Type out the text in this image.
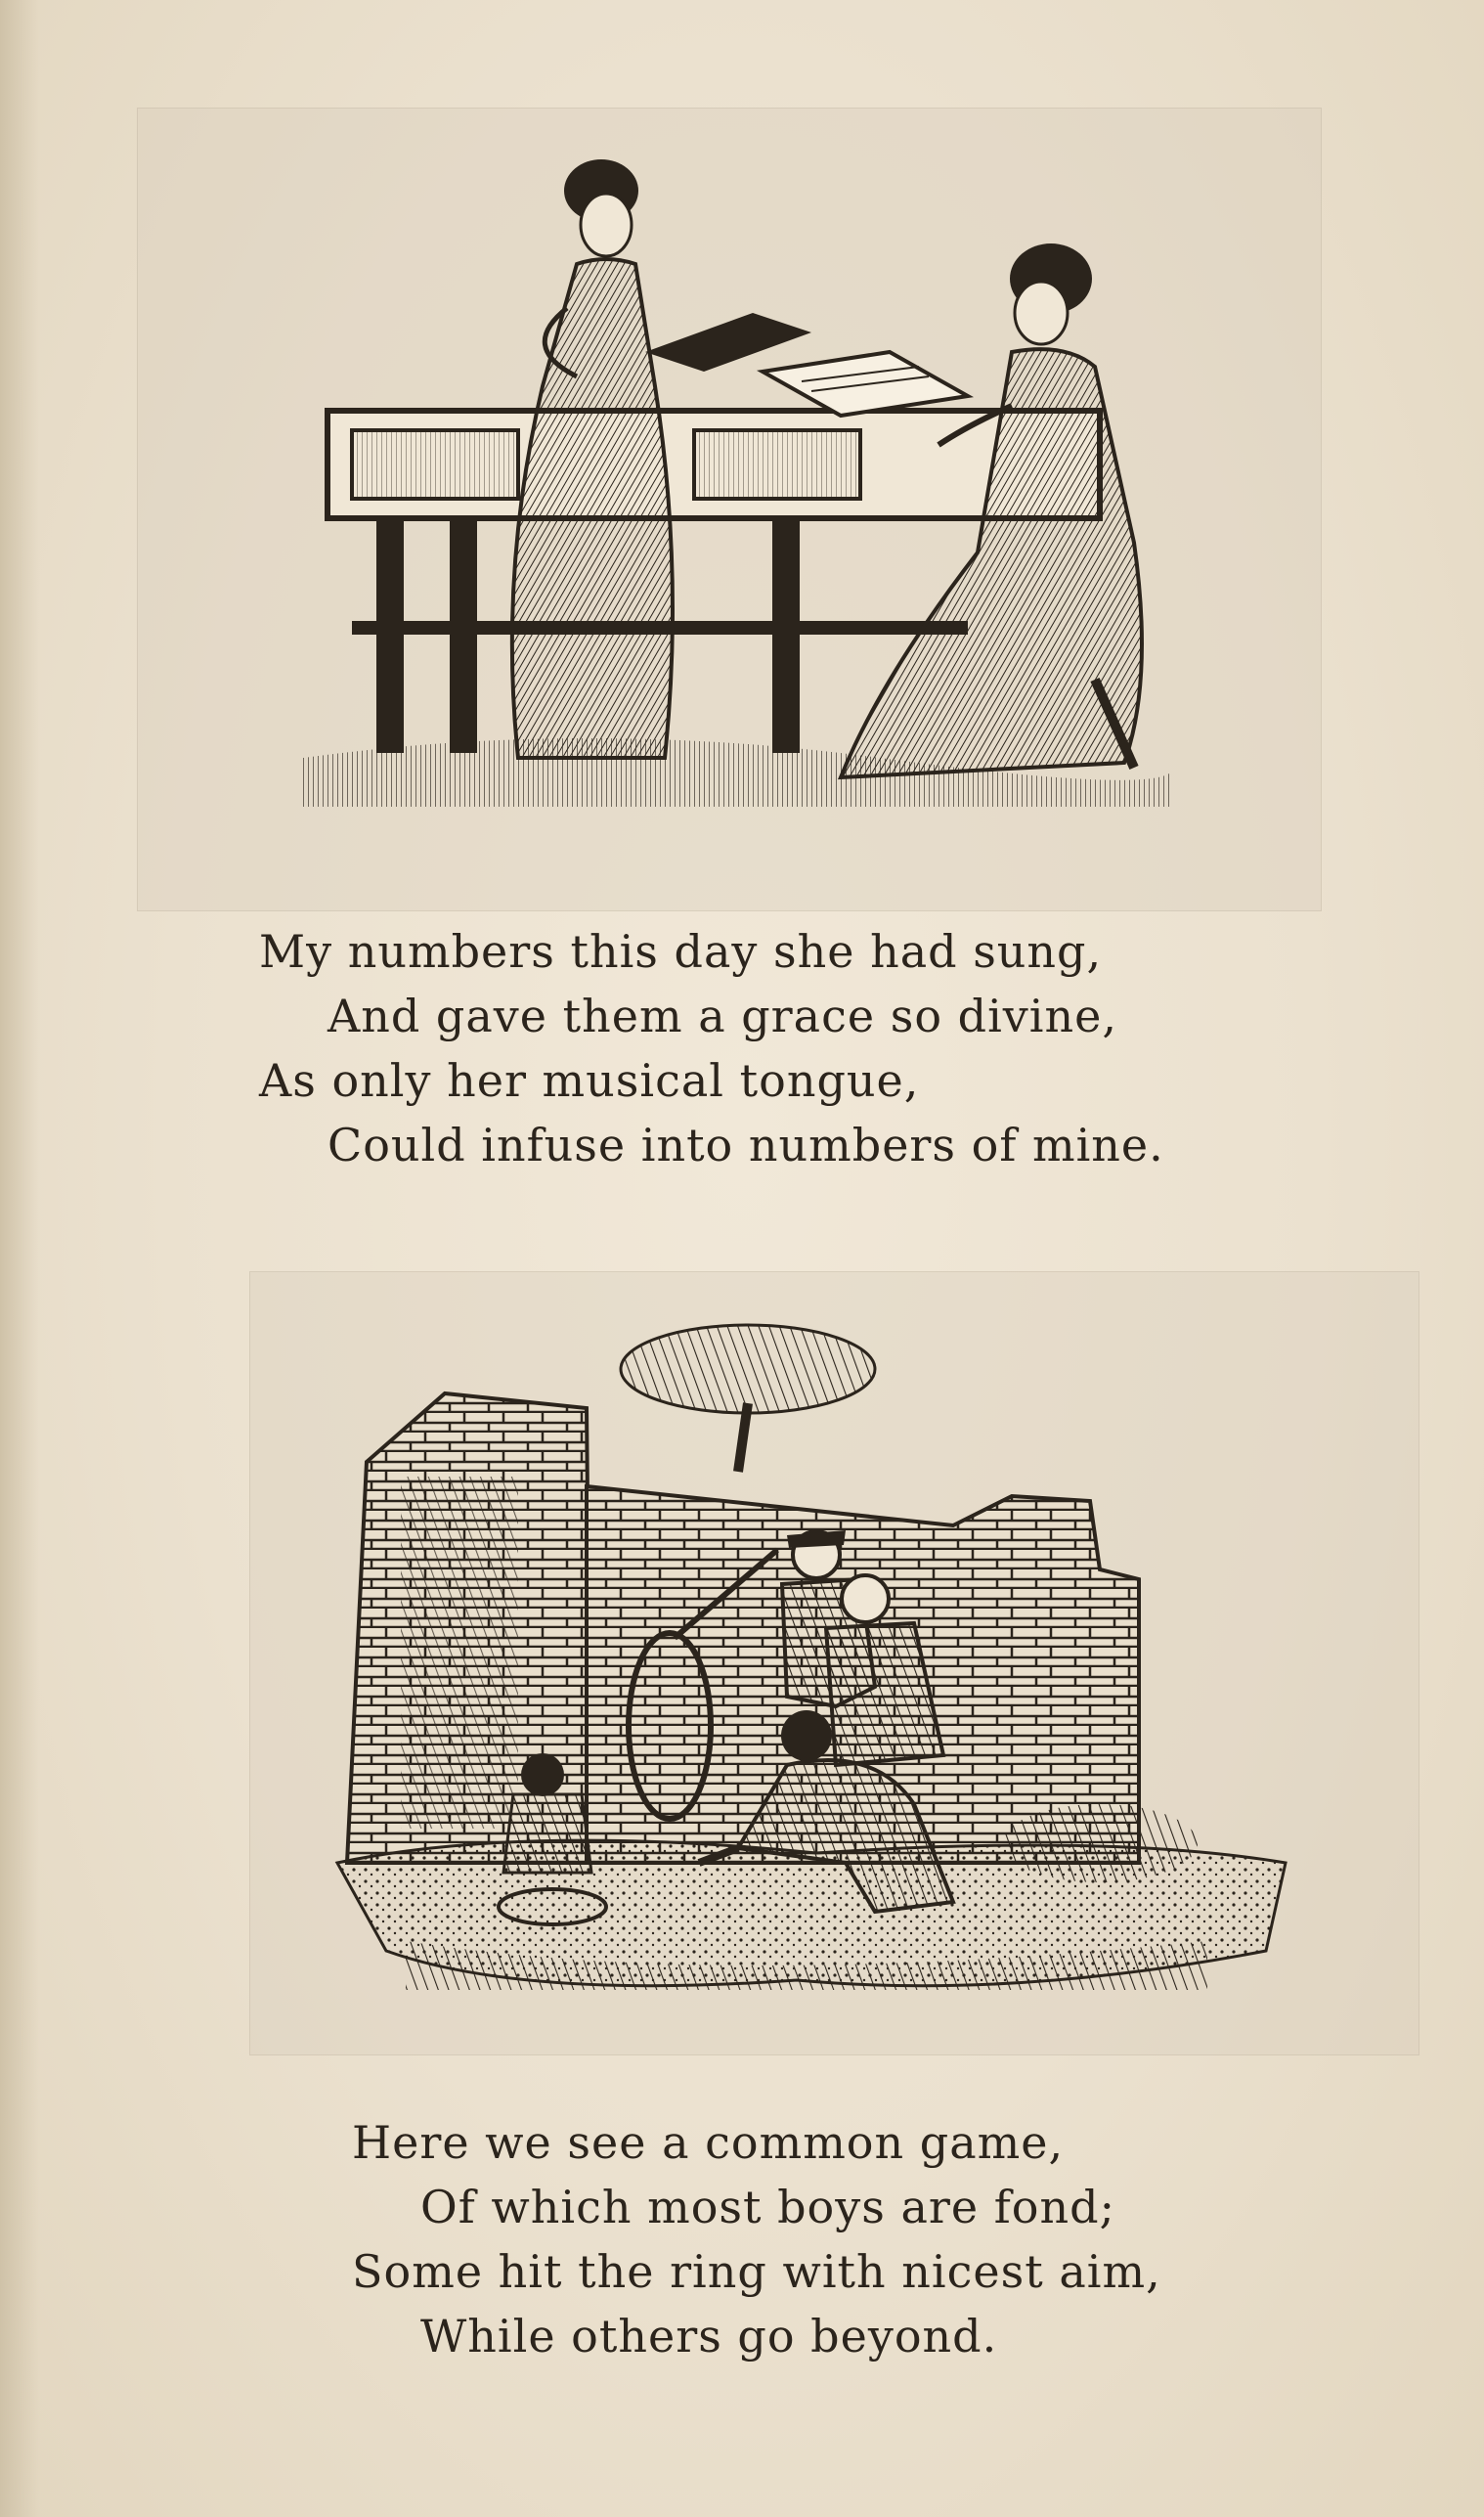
My numbers this day she had sung,
And gave them a grace so divine,
As only her musical tongue,
Could infuse into numbers of mine.

Here we see a common game,
Of which most boys are fond;
Some hit the ring with nicest aim,
While others go beyond.
